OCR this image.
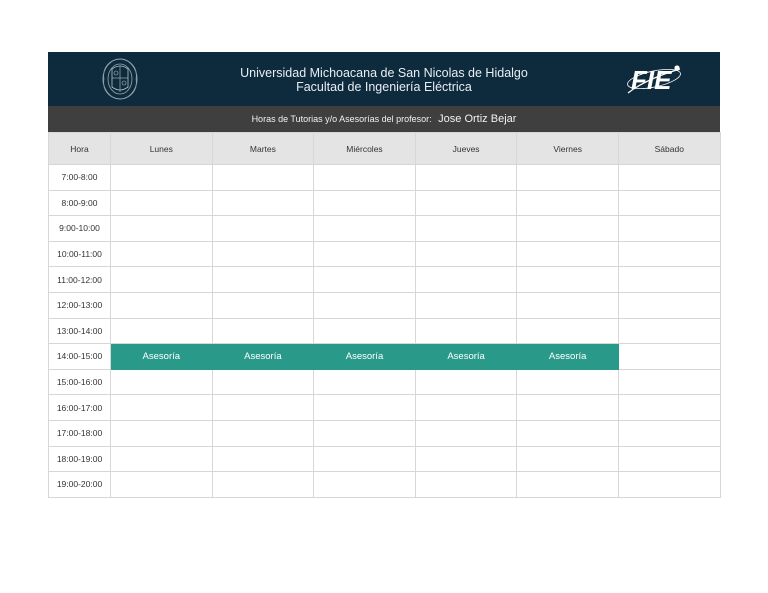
Universidad Michoacana de San Nicolas de Hidalgo
Facultad de Ingeniería Eléctrica	FIE
Horas de Tutorias y/o Asesorías del profesor: Jose Ortiz Bejar
Hora	Lunes	Martes	Miércoles	Jueves	Viernes	Sábado
7:00-8:00						
8:00-9:00						
9:00-10:00						
10:00-11:00						
11:00-12:00						
12:00-13:00						
13:00-14:00						
14:00-15:00	Asesoría	Asesoría	Asesoría	Asesoría	Asesoría	
15:00-16:00						
16:00-17:00						
17:00-18:00						
18:00-19:00						
19:00-20:00						
